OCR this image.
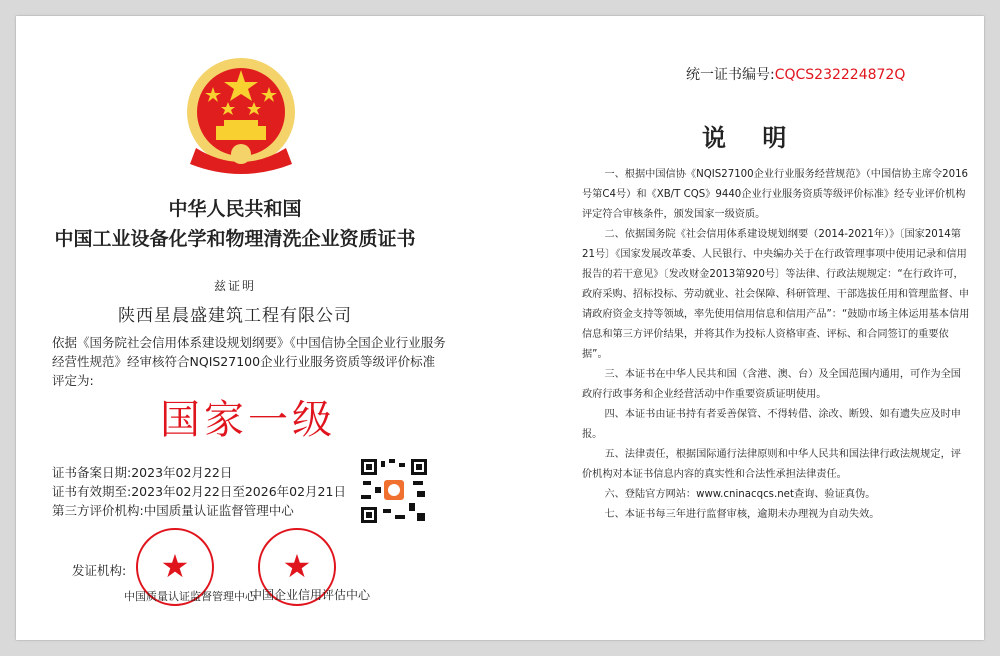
中华人民共和国
中国工业设备化学和物理清洗企业资质证书
兹证明
陕西星晨盛建筑工程有限公司
依据《国务院社会信用体系建设规划纲要》《中国信协全国企业行业服务经营性规范》经审核符合NQIS27100企业行业服务资质等级评价标准评定为:
国家一级
证书备案日期:2023年02月22日
证书有效期至:2023年02月22日至2026年02月21日
第三方评价机构:中国质量认证监督管理中心
发证机构:	★
中国质量认证监督管理中心
★
中国企业信用评估中心
统一证书编号:CQCS232224872Q
说 明

一、根据中国信协《NQIS27100企业行业服务经营规范》（中国信协主席令2016号第C4号）和《XB/T CQS》9440企业行业服务资质等级评价标准》经专业评价机构评定符合审核条件，颁发国家一级资质。

二、依据国务院《社会信用体系建设规划纲要（2014-2021年）》〔国家2014第21号〕《国家发展改革委、人民银行、中央编办关于在行政管理事项中使用记录和信用报告的若干意见》〔发改财金2013第920号〕等法律、行政法规规定：“在行政许可，政府采购、招标投标、劳动就业、社会保障、科研管理、干部选拔任用和管理监督、申请政府资金支持等领域，率先使用信用信息和信用产品”：“鼓励市场主体运用基本信用信息和第三方评价结果，并将其作为投标人资格审查、评标、和合同签订的重要依据”。

三、本证书在中华人民共和国（含港、澳、台）及全国范围内通用，可作为全国政府行政事务和企业经营活动中作重要资质证明使用。

四、本证书由证书持有者妥善保管、不得转借、涂改、断毁、如有遗失应及时申报。

五、法律责任，根据国际通行法律原则和中华人民共和国法律行政法规规定，评价机构对本证书信息内容的真实性和合法性承担法律责任。

六、登陆官方网站：www.cninacqcs.net查询、验证真伪。

七、本证书每三年进行监督审核，逾期未办理视为自动失效。
